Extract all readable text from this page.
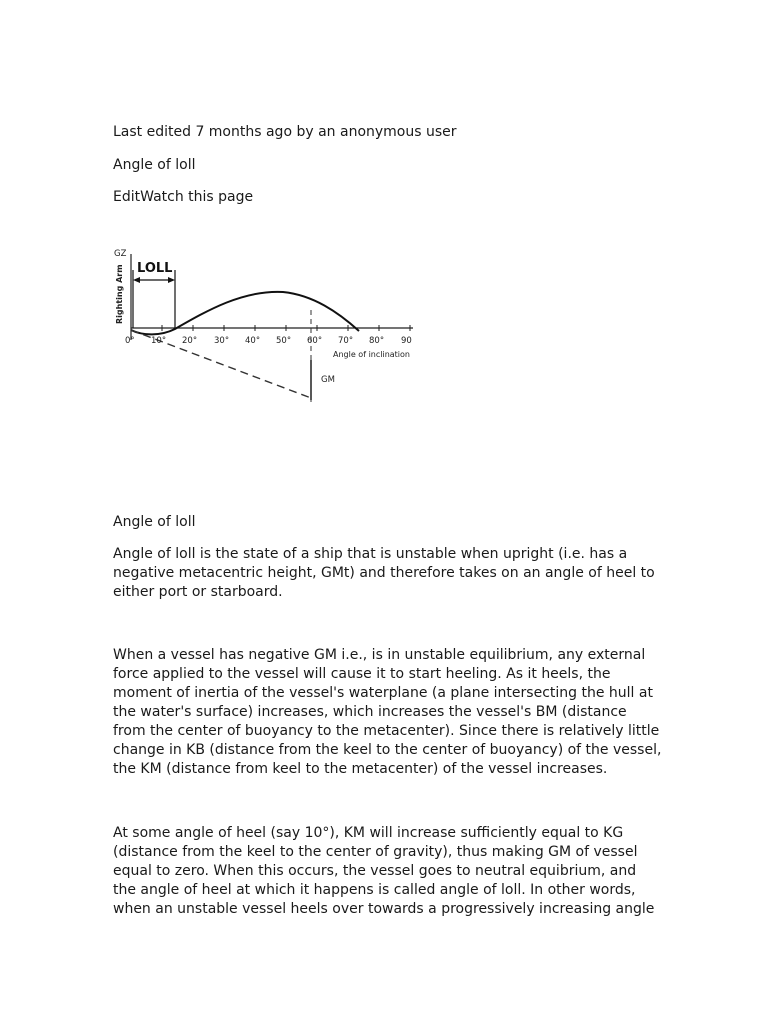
Last edited 7 months ago by an anonymous user
Angle of loll
EditWatch this page
GZ
Righting Arm LOLL
Angle of inclination
GM
0° 10° 20° 30° 40° 50° 60° 70° 80° 90
Angle of loll
Angle of loll is the state of a ship that is unstable when upright (i.e. has a
negative metacentric height, GMt) and therefore takes on an angle of heel to
either port or starboard.
When a vessel has negative GM i.e., is in unstable equilibrium, any external
force applied to the vessel will cause it to start heeling. As it heels, the
moment of inertia of the vessel's waterplane (a plane intersecting the hull at
the water's surface) increases, which increases the vessel's BM (distance
from the center of buoyancy to the metacenter). Since there is relatively little
change in KB (distance from the keel to the center of buoyancy) of the vessel,
the KM (distance from keel to the metacenter) of the vessel increases.
At some angle of heel (say 10°), KM will increase sufficiently equal to KG
(distance from the keel to the center of gravity), thus making GM of vessel
equal to zero. When this occurs, the vessel goes to neutral equibrium, and
the angle of heel at which it happens is called angle of loll. In other words,
when an unstable vessel heels over towards a progressively increasing angle
